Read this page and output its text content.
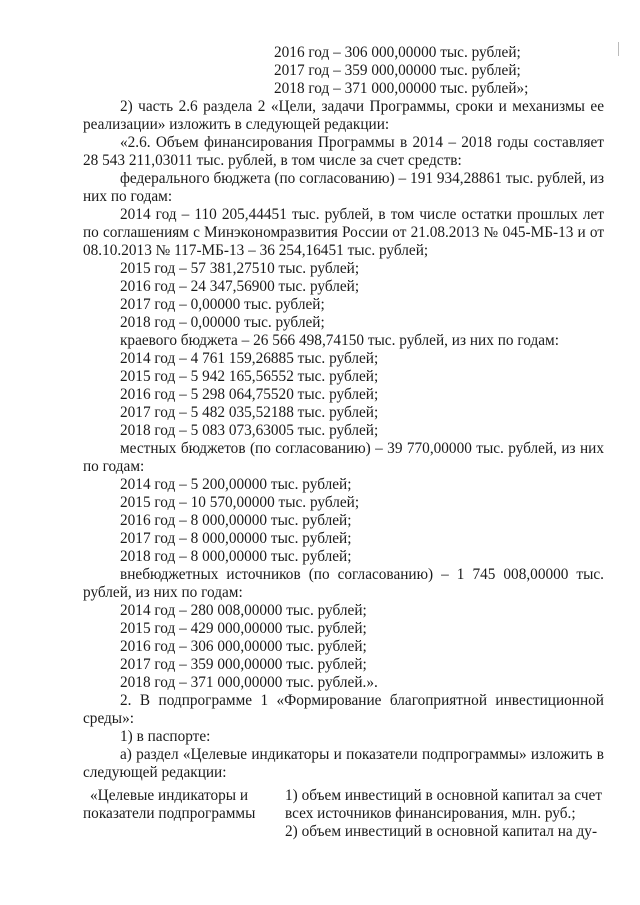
2016 год – 306 000,00000 тыс. рублей;
2017 год – 359 000,00000 тыс. рублей;
2018 год – 371 000,00000 тыс. рублей»;
2) часть 2.6 раздела 2 «Цели, задачи Программы, сроки и механизмы ее
реализации» изложить в следующей редакции:
«2.6. Объем финансирования Программы в 2014 – 2018 годы составляет
28 543 211,03011 тыс. рублей, в том числе за счет средств:
федерального бюджета (по согласованию) – 191 934,28861 тыс. рублей, из
них по годам:
2014 год – 110 205,44451 тыс. рублей, в том числе остатки прошлых лет
по соглашениям с Минэкономразвития России от 21.08.2013 № 045-МБ-13 и от
08.10.2013 № 117-МБ-13 – 36 254,16451 тыс. рублей;
2015 год – 57 381,27510 тыс. рублей;
2016 год – 24 347,56900 тыс. рублей;
2017 год – 0,00000 тыс. рублей;
2018 год – 0,00000 тыс. рублей;
краевого бюджета – 26 566 498,74150 тыс. рублей, из них по годам:
2014 год – 4 761 159,26885 тыс. рублей;
2015 год – 5 942 165,56552 тыс. рублей;
2016 год – 5 298 064,75520 тыс. рублей;
2017 год – 5 482 035,52188 тыс. рублей;
2018 год – 5 083 073,63005 тыс. рублей;
местных бюджетов (по согласованию) – 39 770,00000 тыс. рублей, из них
по годам:
2014 год – 5 200,00000 тыс. рублей;
2015 год – 10 570,00000 тыс. рублей;
2016 год – 8 000,00000 тыс. рублей;
2017 год – 8 000,00000 тыс. рублей;
2018 год – 8 000,00000 тыс. рублей;
внебюджетных источников (по согласованию) – 1 745 008,00000 тыс.
рублей, из них по годам:
2014 год – 280 008,00000 тыс. рублей;
2015 год – 429 000,00000 тыс. рублей;
2016 год – 306 000,00000 тыс. рублей;
2017 год – 359 000,00000 тыс. рублей;
2018 год – 371 000,00000 тыс. рублей.».
2. В подпрограмме 1 «Формирование благоприятной инвестиционной
среды»:
1) в паспорте:
а) раздел «Целевые индикаторы и показатели подпрограммы» изложить в
следующей редакции:
«Целевые индикаторы и
показатели подпрограммы
1) объем инвестиций в основной капитал за счет
всех источников финансирования, млн. руб.;
2) объем инвестиций в основной капитал на ду-
